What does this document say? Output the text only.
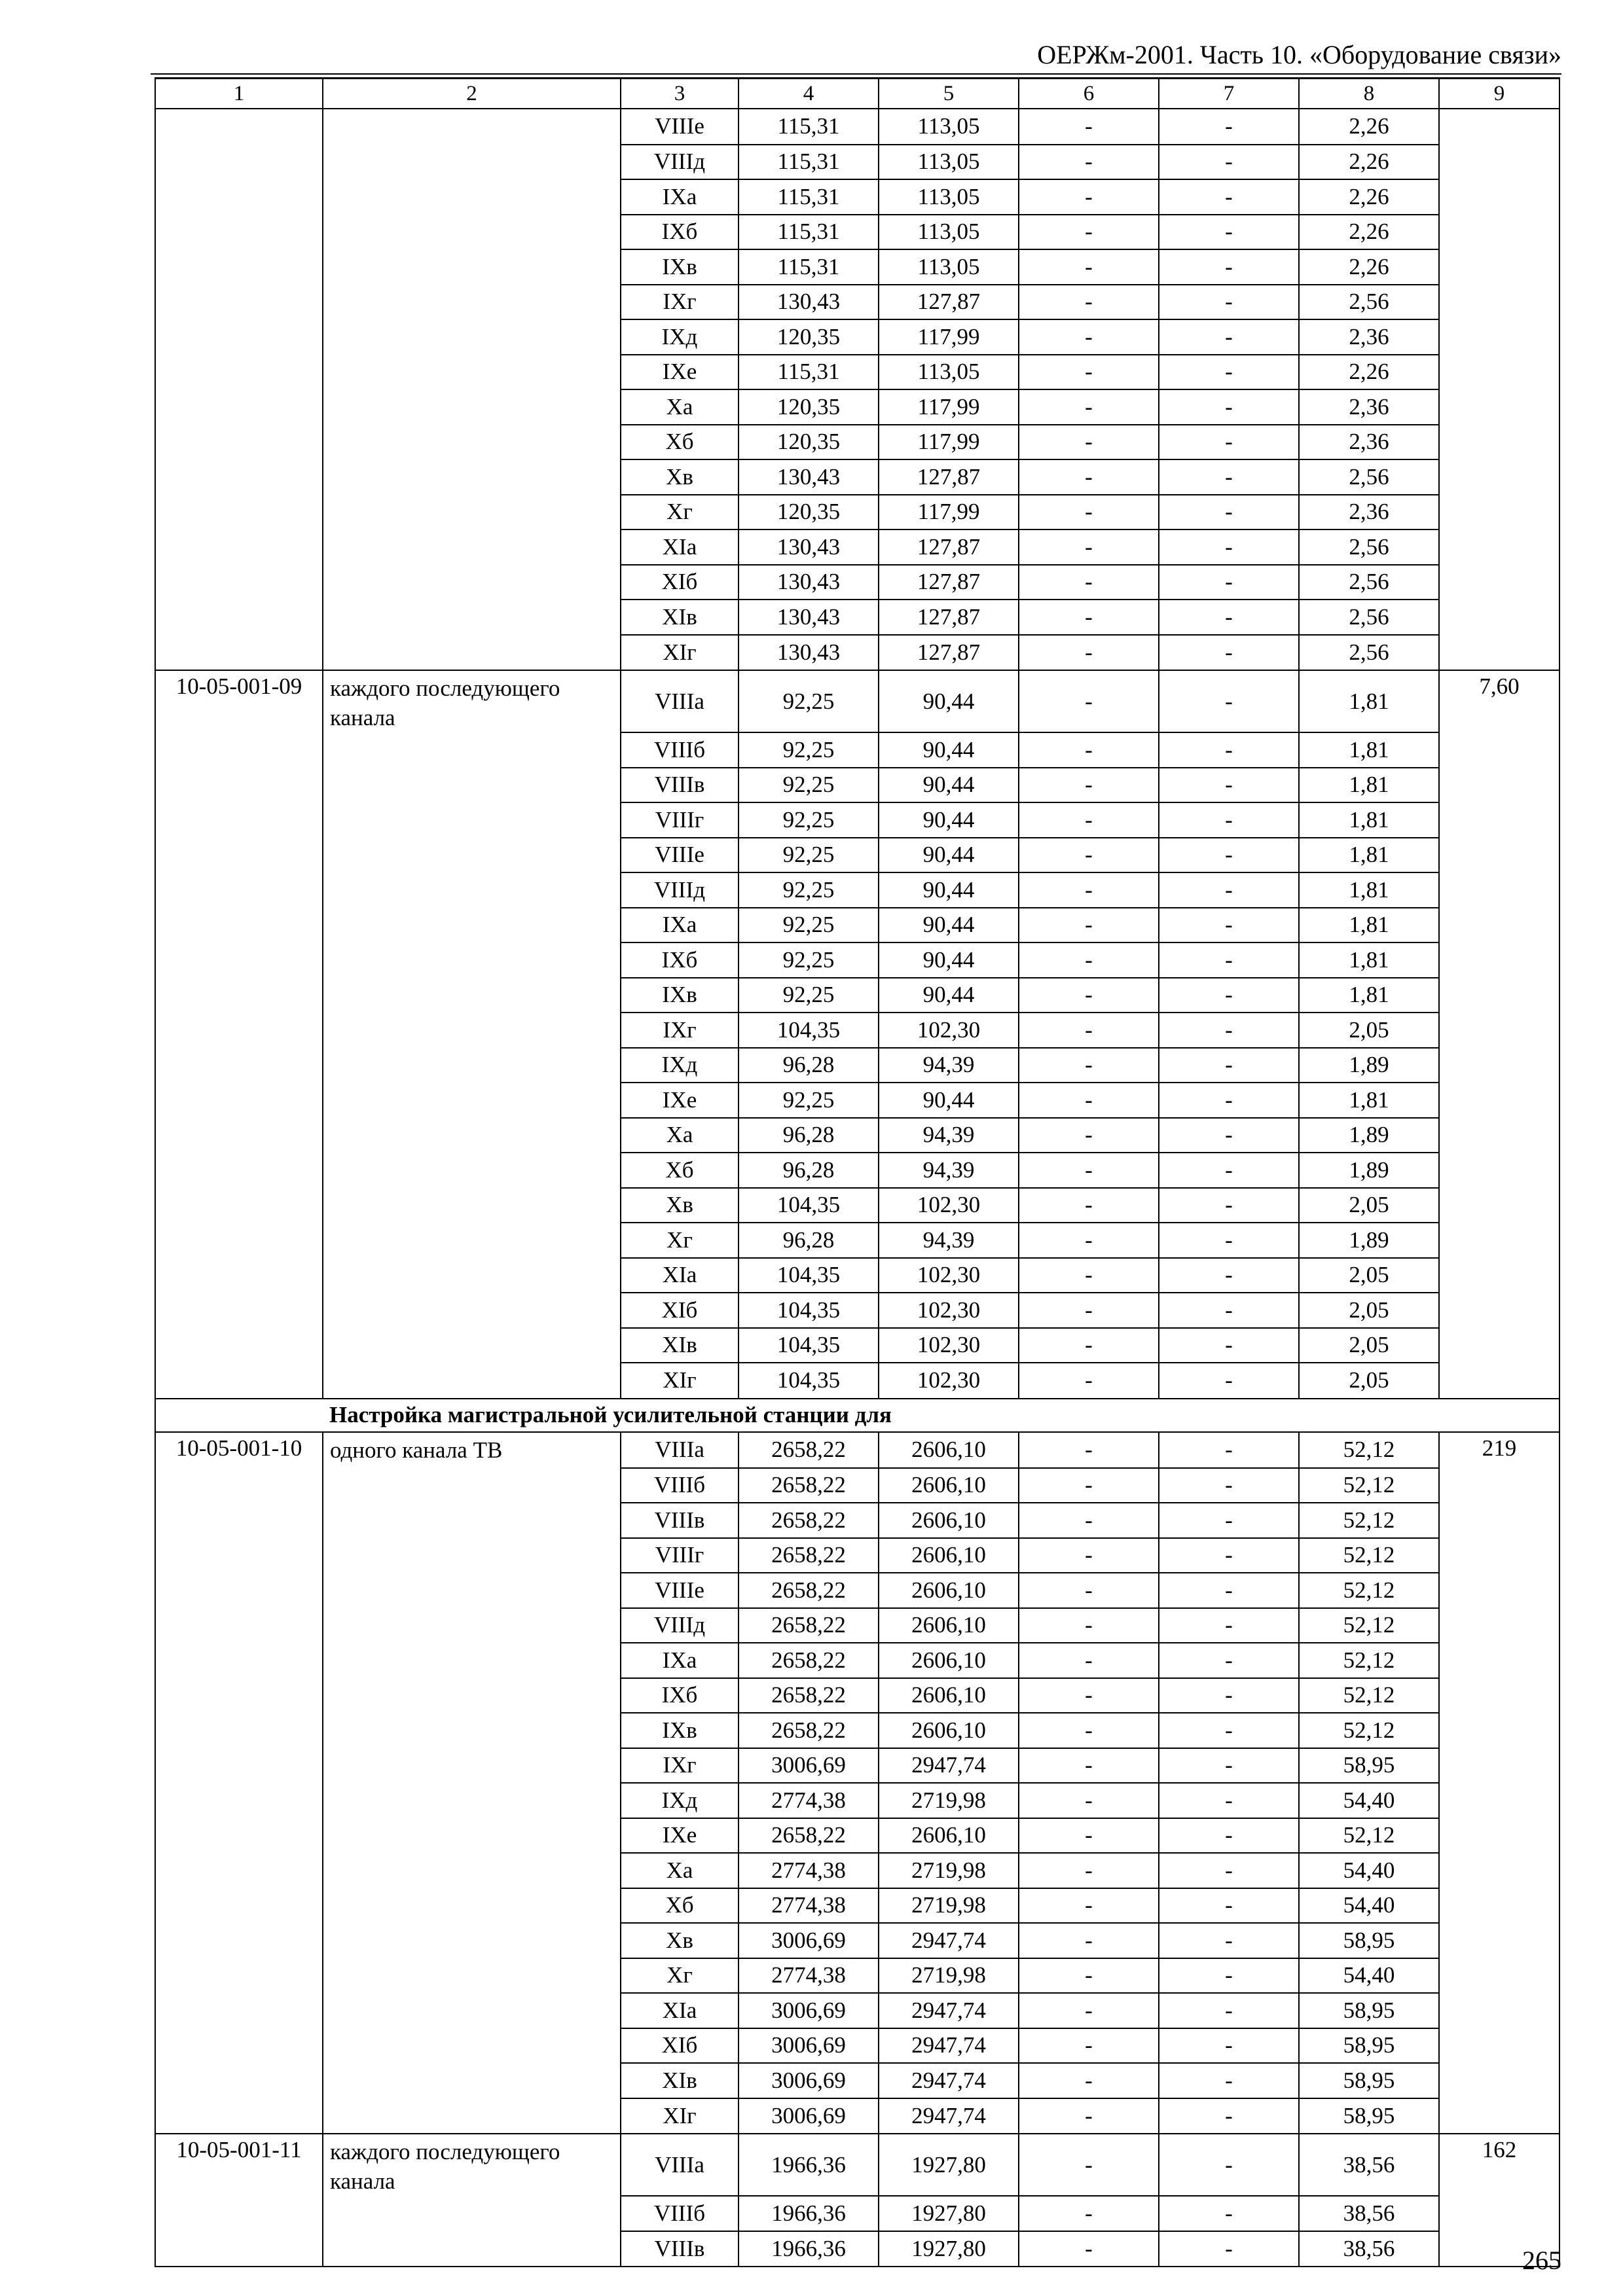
ОЕРЖм-2001. Часть 10. «Оборудование связи»
1	2	3	4	5	6	7	8	9
		VIIIе	115,31	113,05	-	-	2,26	
		VIIIд	115,31	113,05	-	-	2,26	
		IXа	115,31	113,05	-	-	2,26	
		IXб	115,31	113,05	-	-	2,26	
		IXв	115,31	113,05	-	-	2,26	
		IXг	130,43	127,87	-	-	2,56	
		IXд	120,35	117,99	-	-	2,36	
		IXе	115,31	113,05	-	-	2,26	
		Xа	120,35	117,99	-	-	2,36	
		Xб	120,35	117,99	-	-	2,36	
		Xв	130,43	127,87	-	-	2,56	
		Xг	120,35	117,99	-	-	2,36	
		XIа	130,43	127,87	-	-	2,56	
		XIб	130,43	127,87	-	-	2,56	
		XIв	130,43	127,87	-	-	2,56	
		XIг	130,43	127,87	-	-	2,56	
10-05-001-09	каждого последующего канала	VIIIа	92,25	90,44	-	-	1,81	7,60
		VIIIб	92,25	90,44	-	-	1,81	
		VIIIв	92,25	90,44	-	-	1,81	
		VIIIг	92,25	90,44	-	-	1,81	
		VIIIе	92,25	90,44	-	-	1,81	
		VIIIд	92,25	90,44	-	-	1,81	
		IXа	92,25	90,44	-	-	1,81	
		IXб	92,25	90,44	-	-	1,81	
		IXв	92,25	90,44	-	-	1,81	
		IXг	104,35	102,30	-	-	2,05	
		IXд	96,28	94,39	-	-	1,89	
		IXе	92,25	90,44	-	-	1,81	
		Xа	96,28	94,39	-	-	1,89	
		Xб	96,28	94,39	-	-	1,89	
		Xв	104,35	102,30	-	-	2,05	
		Xг	96,28	94,39	-	-	1,89	
		XIа	104,35	102,30	-	-	2,05	
		XIб	104,35	102,30	-	-	2,05	
		XIв	104,35	102,30	-	-	2,05	
		XIг	104,35	102,30	-	-	2,05	
	Настройка магистральной усилительной станции для							
10-05-001-10	одного канала ТВ	VIIIа	2658,22	2606,10	-	-	52,12	219
		VIIIб	2658,22	2606,10	-	-	52,12	
		VIIIв	2658,22	2606,10	-	-	52,12	
		VIIIг	2658,22	2606,10	-	-	52,12	
		VIIIе	2658,22	2606,10	-	-	52,12	
		VIIIд	2658,22	2606,10	-	-	52,12	
		IXа	2658,22	2606,10	-	-	52,12	
		IXб	2658,22	2606,10	-	-	52,12	
		IXв	2658,22	2606,10	-	-	52,12	
		IXг	3006,69	2947,74	-	-	58,95	
		IXд	2774,38	2719,98	-	-	54,40	
		IXе	2658,22	2606,10	-	-	52,12	
		Xа	2774,38	2719,98	-	-	54,40	
		Xб	2774,38	2719,98	-	-	54,40	
		Xв	3006,69	2947,74	-	-	58,95	
		Xг	2774,38	2719,98	-	-	54,40	
		XIа	3006,69	2947,74	-	-	58,95	
		XIб	3006,69	2947,74	-	-	58,95	
		XIв	3006,69	2947,74	-	-	58,95	
		XIг	3006,69	2947,74	-	-	58,95	
10-05-001-11	каждого последующего канала	VIIIа	1966,36	1927,80	-	-	38,56	162
		VIIIб	1966,36	1927,80	-	-	38,56	
		VIIIв	1966,36	1927,80	-	-	38,56		265
